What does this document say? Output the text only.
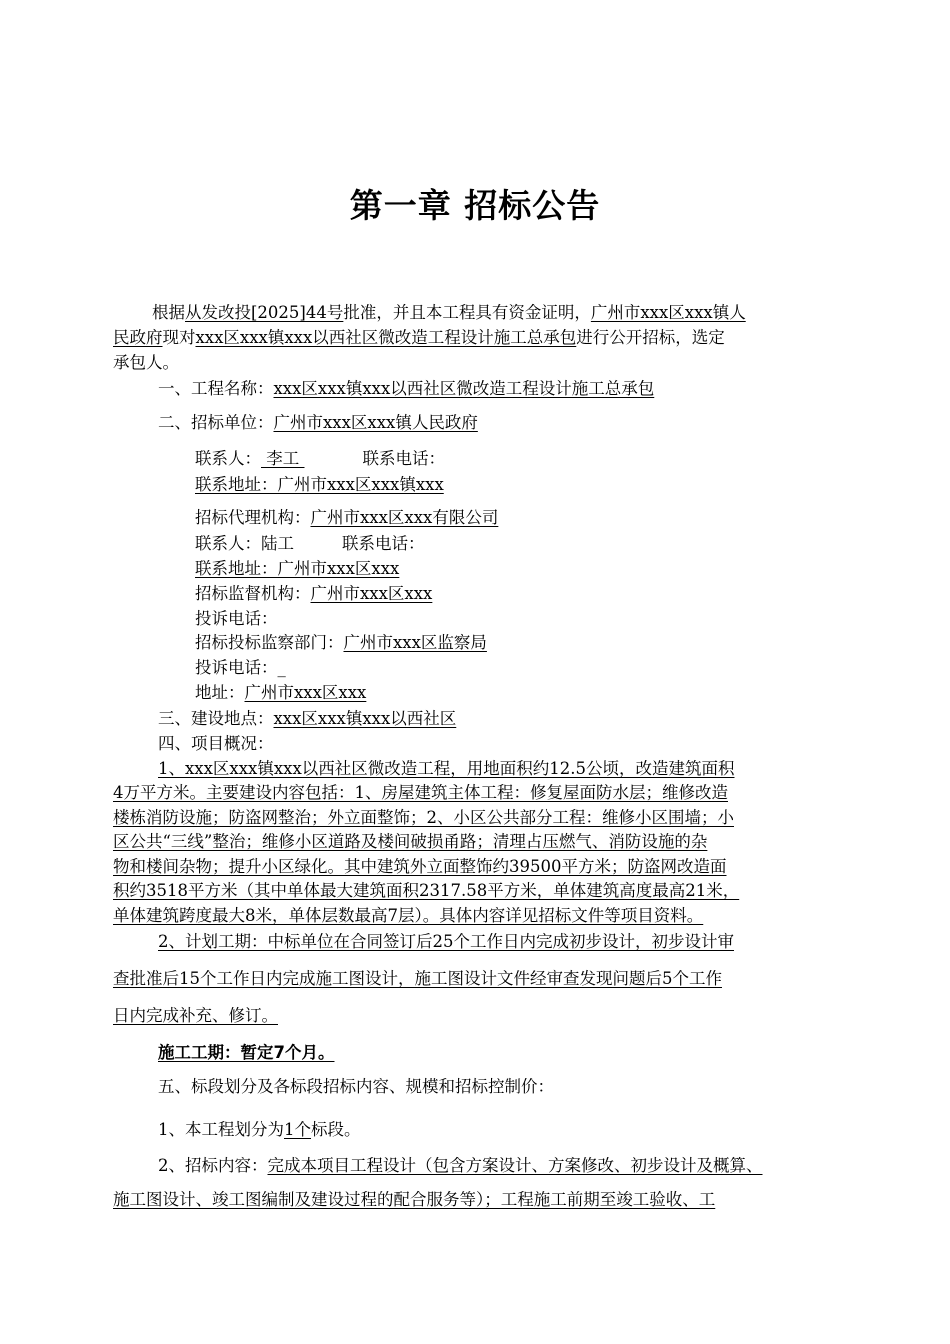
第一章 招标公告
根据从发改投[2025]44号批准，并且本工程具有资金证明，广州市xxx区xxx镇人
民政府现对xxx区xxx镇xxx以西社区微改造工程设计施工总承包进行公开招标，选定
承包人。
一、工程名称：xxx区xxx镇xxx以西社区微改造工程设计施工总承包
二、招标单位：广州市xxx区xxx镇人民政府
联系人： 李工	联系电话：
联系地址：广州市xxx区xxx镇xxx
招标代理机构：广州市xxx区xxx有限公司
联系人：陆工	联系电话：
联系地址：广州市xxx区xxx
招标监督机构：广州市xxx区xxx
投诉电话：
招标投标监察部门：广州市xxx区监察局
投诉电话：_
地址：广州市xxx区xxx
三、建设地点：xxx区xxx镇xxx以西社区
四、项目概况：
1、xxx区xxx镇xxx以西社区微改造工程，用地面积约12.5公顷，改造建筑面积
4万平方米。主要建设内容包括：1、房屋建筑主体工程：修复屋面防水层；维修改造
楼栋消防设施；防盗网整治；外立面整饰；2、小区公共部分工程：维修小区围墙；小
区公共“三线”整治；维修小区道路及楼间破损甬路；清理占压燃气、消防设施的杂
物和楼间杂物；提升小区绿化。其中建筑外立面整饰约39500平方米；防盗网改造面
积约3518平方米（其中单体最大建筑面积2317.58平方米，单体建筑高度最高21米，
单体建筑跨度最大8米，单体层数最高7层）。具体内容详见招标文件等项目资料。
2、计划工期：中标单位在合同签订后25个工作日内完成初步设计，初步设计审
查批准后15个工作日内完成施工图设计，施工图设计文件经审查发现问题后5个工作
日内完成补充、修订。
施工工期：暂定7个月。
五、标段划分及各标段招标内容、规模和招标控制价：
1、本工程划分为1个标段。
2、招标内容：完成本项目工程设计（包含方案设计、方案修改、初步设计及概算、
施工图设计、竣工图编制及建设过程的配合服务等）；工程施工前期至竣工验收、工
